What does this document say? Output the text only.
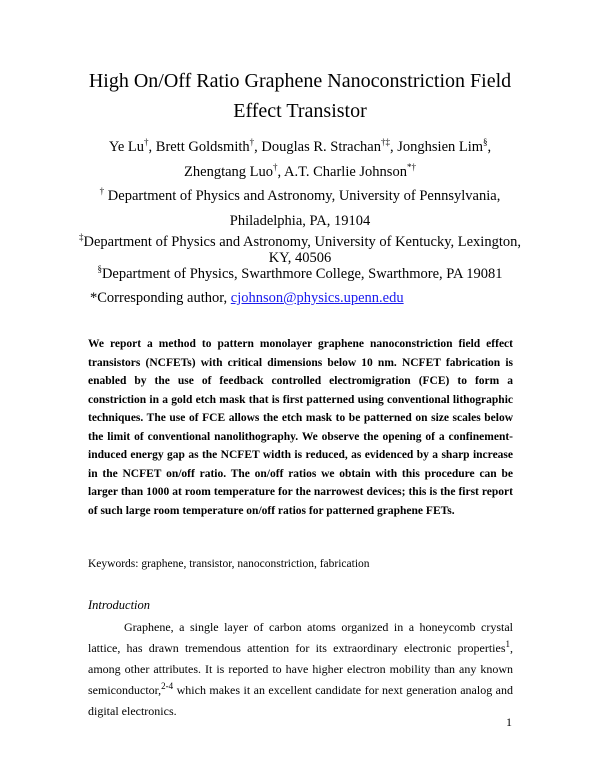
High On/Off Ratio Graphene Nanoconstriction Field
Effect Transistor
Ye Lu†, Brett Goldsmith†, Douglas R. Strachan†‡, Jonghsien Lim§,
Zhengtang Luo†, A.T. Charlie Johnson*†
† Department of Physics and Astronomy, University of Pennsylvania,
Philadelphia, PA, 19104
‡Department of Physics and Astronomy, University of Kentucky, Lexington,
KY, 40506
§Department of Physics, Swarthmore College, Swarthmore, PA 19081
*Corresponding author, cjohnson@physics.upenn.edu
We report a method to pattern monolayer graphene nanoconstriction field effect transistors (NCFETs) with critical dimensions below 10 nm. NCFET fabrication is enabled by the use of feedback controlled electromigration (FCE) to form a constriction in a gold etch mask that is first patterned using conventional lithographic techniques. The use of FCE allows the etch mask to be patterned on size scales below the limit of conventional nanolithography. We observe the opening of a confinement-induced energy gap as the NCFET width is reduced, as evidenced by a sharp increase in the NCFET on/off ratio. The on/off ratios we obtain with this procedure can be larger than 1000 at room temperature for the narrowest devices; this is the first report of such large room temperature on/off ratios for patterned graphene FETs.
Keywords: graphene, transistor, nanoconstriction, fabrication
Introduction
Graphene, a single layer of carbon atoms organized in a honeycomb crystal lattice, has drawn tremendous attention for its extraordinary electronic properties$^1$, among other attributes. It is reported to have higher electron mobility than any known semiconductor,$^{2-4}$ which makes it an excellent candidate for next generation analog and digital electronics.
1
